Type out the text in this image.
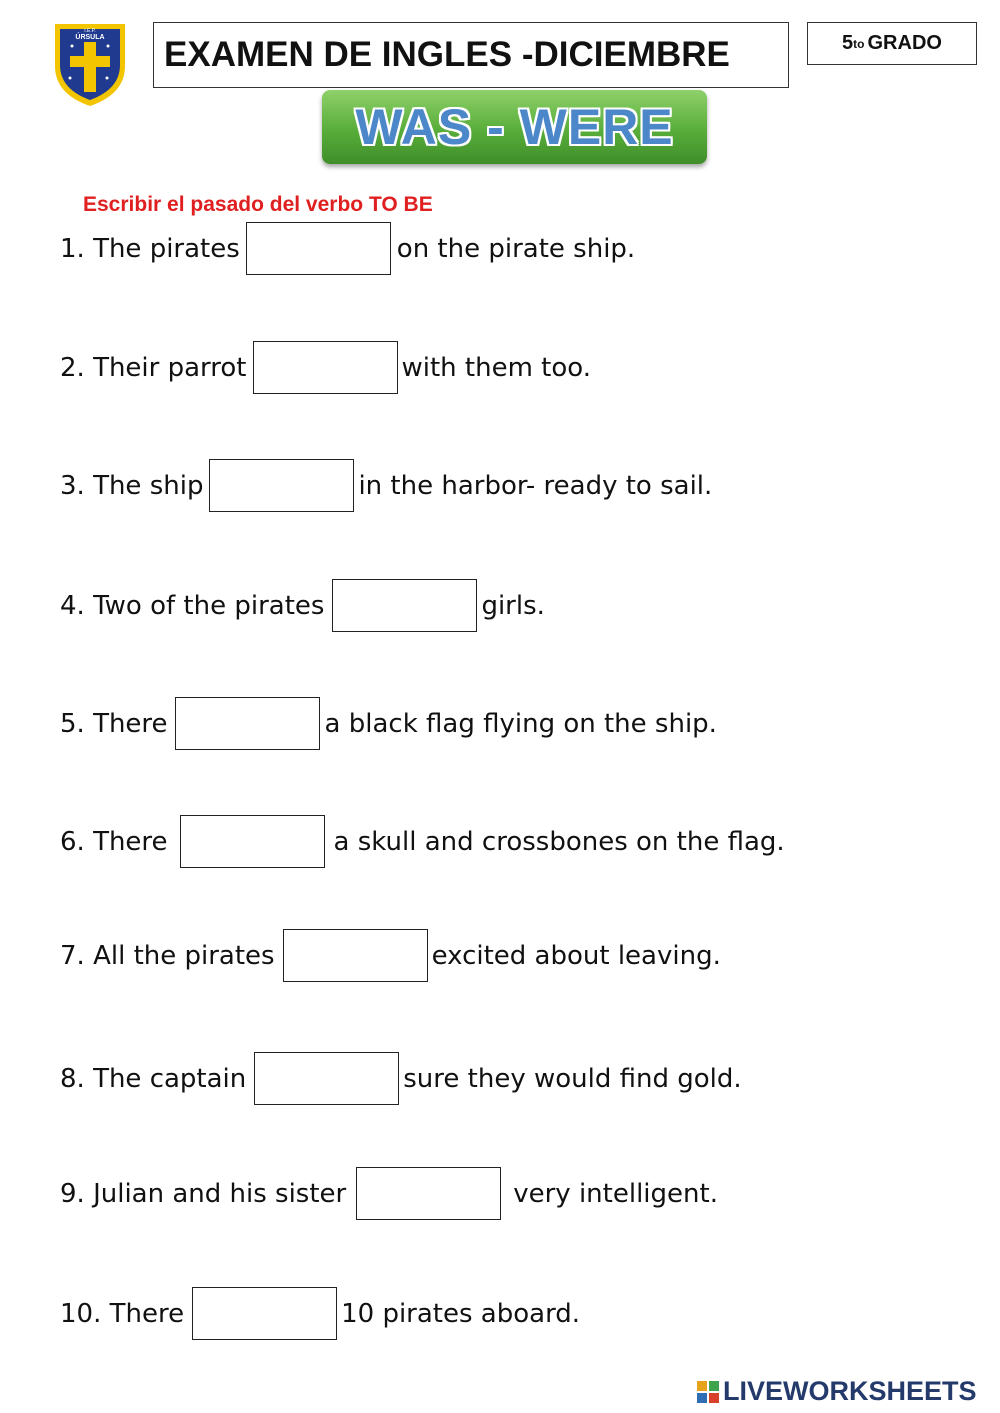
I.E.P.
ÚRSULA EXAMEN DE INGLES -DICIEMBRE	5 to GRADO
WAS - WERE
Escribir el pasado del verbo TO BE
1. The pirates	on the pirate ship.
2. Their parrot	with them too.
3. The ship	in the harbor- ready to sail.
4. Two of the pirates	girls.
5. There	a black flag flying on the ship.
6. There	a skull and crossbones on the flag.
7. All the pirates	excited about leaving.
8. The captain	sure they would find gold.
9. Julian and his sister	very intelligent.
10. There	10 pirates aboard.
LIVEWORKSHEETS
